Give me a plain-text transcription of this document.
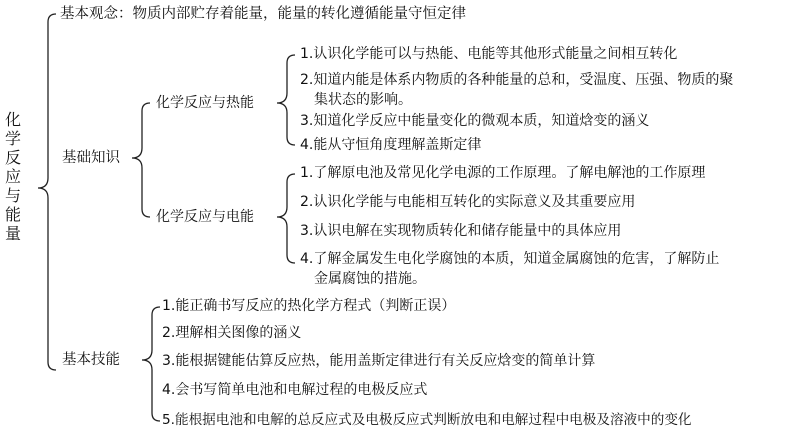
化学反应与能量
基本观念：物质内部贮存着能量，能量的转化遵循能量守恒定律
基础知识
化学反应与热能
1.认识化学能可以与热能、电能等其他形式能量之间相互转化
2.知道内能是体系内物质的各种能量的总和，受温度、压强、物质的聚
集状态的影响。
3.知道化学反应中能量变化的微观本质，知道焓变的涵义
4.能从守恒角度理解盖斯定律
化学反应与电能
1.了解原电池及常见化学电源的工作原理。了解电解池的工作原理
2.认识化学能与电能相互转化的实际意义及其重要应用
3.认识电解在实现物质转化和储存能量中的具体应用
4.了解金属发生电化学腐蚀的本质，知道金属腐蚀的危害，了解防止
金属腐蚀的措施。
基本技能
1.能正确书写反应的热化学方程式（判断正误）
2.理解相关图像的涵义
3.能根据键能估算反应热，能用盖斯定律进行有关反应焓变的简单计算
4.会书写简单电池和电解过程的电极反应式
5.能根据电池和电解的总反应式及电极反应式判断放电和电解过程中电极及溶液中的变化
